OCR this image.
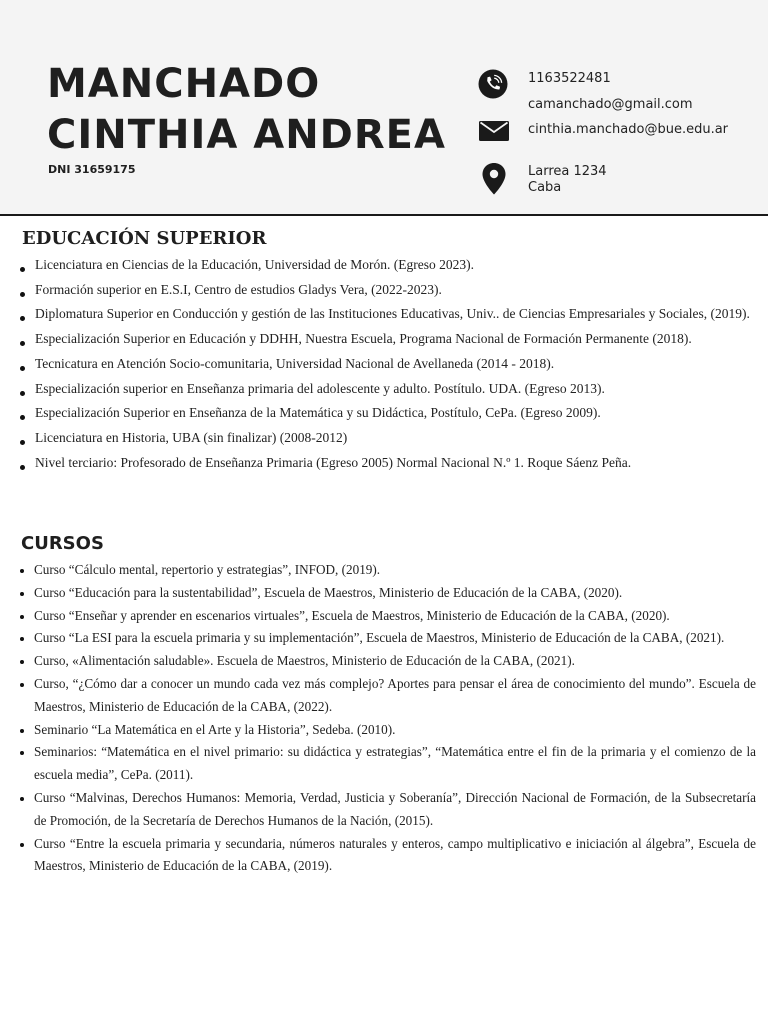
MANCHADO
CINTHIA ANDREA
DNI 31659175
1163522481
camanchado@gmail.com
cinthia.manchado@bue.edu.ar
Larrea 1234
Caba
EDUCACIÓN SUPERIOR
Licenciatura en Ciencias de la Educación, Universidad de Morón. (Egreso 2023).
Formación superior en E.S.I, Centro de estudios Gladys Vera, (2022-2023).
Diplomatura Superior en Conducción y gestión de las Instituciones Educativas, Univ.. de Ciencias Empresariales y Sociales, (2019).
Especialización Superior en Educación y DDHH, Nuestra Escuela, Programa Nacional de Formación Permanente (2018).
Tecnicatura en Atención Socio-comunitaria, Universidad Nacional de Avellaneda (2014 - 2018).
Especialización superior en Enseñanza primaria del adolescente y adulto. Postítulo. UDA. (Egreso 2013).
Especialización Superior en Enseñanza de la Matemática y su Didáctica, Postítulo, CePa. (Egreso 2009).
Licenciatura en Historia, UBA (sin finalizar) (2008-2012)
Nivel terciario: Profesorado de Enseñanza Primaria (Egreso 2005) Normal Nacional N.º 1. Roque Sáenz Peña.
CURSOS
Curso “Cálculo mental, repertorio y estrategias”, INFOD, (2019).
Curso “Educación para la sustentabilidad”, Escuela de Maestros, Ministerio de Educación de la CABA, (2020).
Curso “Enseñar y aprender en escenarios virtuales”, Escuela de Maestros, Ministerio de Educación de la CABA, (2020).
Curso “La ESI para la escuela primaria y su implementación”, Escuela de Maestros, Ministerio de Educación de la CABA, (2021).
Curso, «Alimentación saludable». Escuela de Maestros, Ministerio de Educación de la CABA, (2021).
Curso, “¿Cómo dar a conocer un mundo cada vez más complejo? Aportes para pensar el área de conocimiento del mundo”. Escuela de Maestros, Ministerio de Educación de la CABA, (2022).
Seminario “La Matemática en el Arte y la Historia”, Sedeba. (2010).
Seminarios: “Matemática en el nivel primario: su didáctica y estrategias”, “Matemática entre el fin de la primaria y el comienzo de la escuela media”, CePa. (2011).
Curso “Malvinas, Derechos Humanos: Memoria, Verdad, Justicia y Soberanía”, Dirección Nacional de Formación, de la Subsecretaría de Promoción, de la Secretaría de Derechos Humanos de la Nación, (2015).
Curso “Entre la escuela primaria y secundaria, números naturales y enteros, campo multiplicativo e iniciación al álgebra”, Escuela de Maestros, Ministerio de Educación de la CABA, (2019).
